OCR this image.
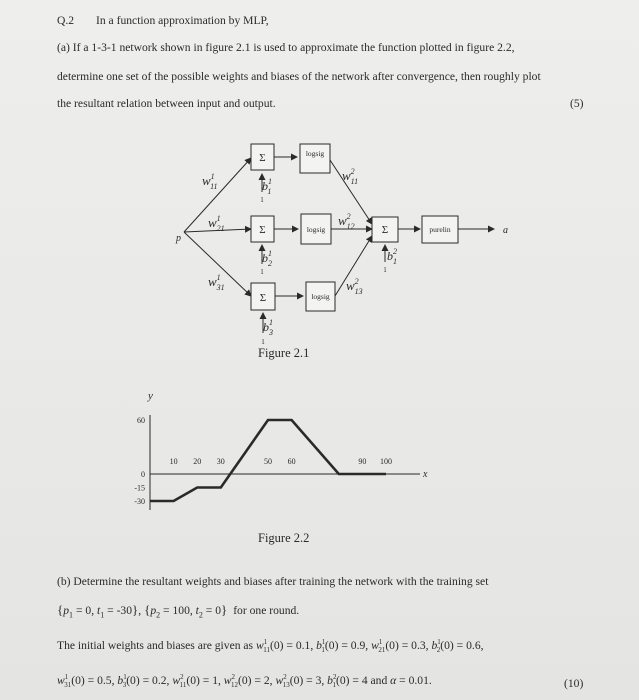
Q.2 In a function approximation by MLP,
(a) If a 1-3-1 network shown in figure 2.1 is used to approximate the function plotted in figure 2.2,
determine one set of the possible weights and biases of the network after convergence, then roughly plot
the resultant relation between input and output.	(5)
Σ
Σ
Σ
Σ
logsig
logsig
logsig
purelin
1
1
1
1
$w^1$ 11
$w^1$ 21
$w^1$ 31
$w^2$ 11
$w^2$ 12
$w^2$ 13
$b^1$ 1
$b^1$ 2
$b^1$ 3
$b^2$ 1
p
a
Figure 2.1
y
x
60
0
-15
-30
10 20 30	50 60	90 100
Figure 2.2
(b) Determine the resultant weights and biases after training the network with the training set
{$p_1 = 0$, $t_1 = -30$}, {$p_2 = 100$, $t_2 = 0$} for one round.
The initial weights and biases are given as $w^1_{11}(0) = 0.1$, $b^1_1(0) = 0.9$, $w^1_{21}(0) = 0.3$, $b^1_2(0) = 0.6$,
$w^1_{31}(0) = 0.5$, $b^1_3(0) = 0.2$, $w^2_{11}(0) = 1$, $w^2_{12}(0) = 2$, $w^2_{13}(0) = 3$, $b^2_1(0) = 4$ and α = 0.01.	(10)
